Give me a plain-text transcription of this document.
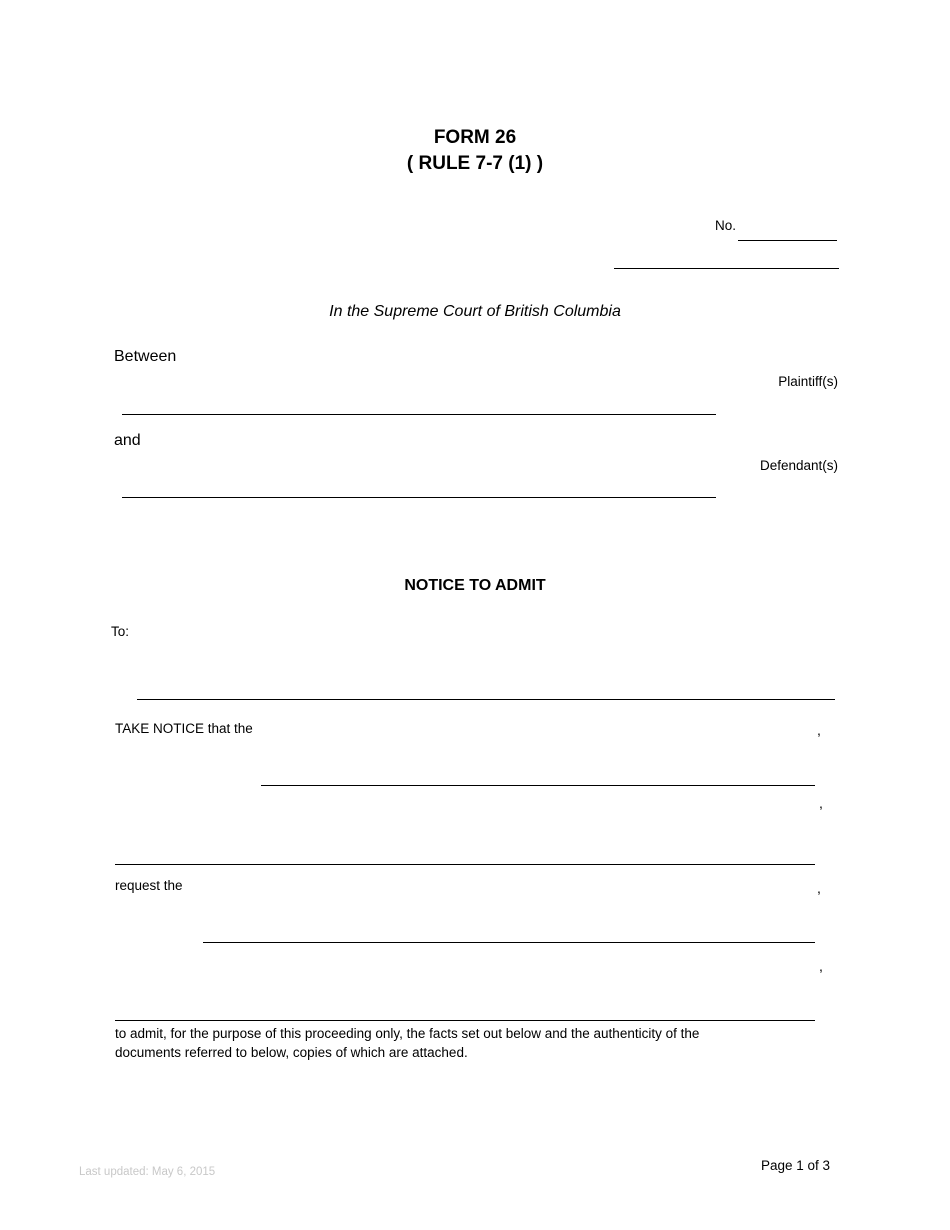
FORM 26
( RULE 7-7 (1) )
No.
In the Supreme Court of British Columbia
Between
Plaintiff(s)
and
Defendant(s)
NOTICE TO ADMIT
To:
TAKE NOTICE that the	,
,
request the	,
,
to admit, for the purpose of this proceeding only, the facts set out below and the authenticity of the
documents referred to below, copies of which are attached.
Last updated: May 6, 2015	Page 1 of 3
